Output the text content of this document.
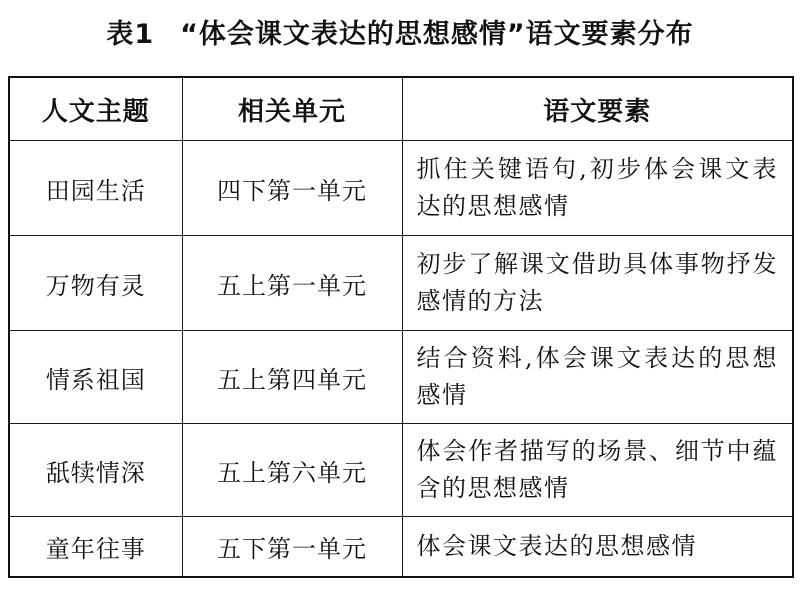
表1 “体会课文表达的思想感情”语文要素分布
人文主题	相关单元	语文要素
田园生活	四下第一单元	抓住关键语句,初步体会课文表达的思想感情
万物有灵	五上第一单元	初步了解课文借助具体事物抒发感情的方法
情系祖国	五上第四单元	结合资料,体会课文表达的思想感情
舐犊情深	五上第六单元	体会作者描写的场景、细节中蕴含的思想感情
童年往事	五下第一单元	体会课文表达的思想感情
